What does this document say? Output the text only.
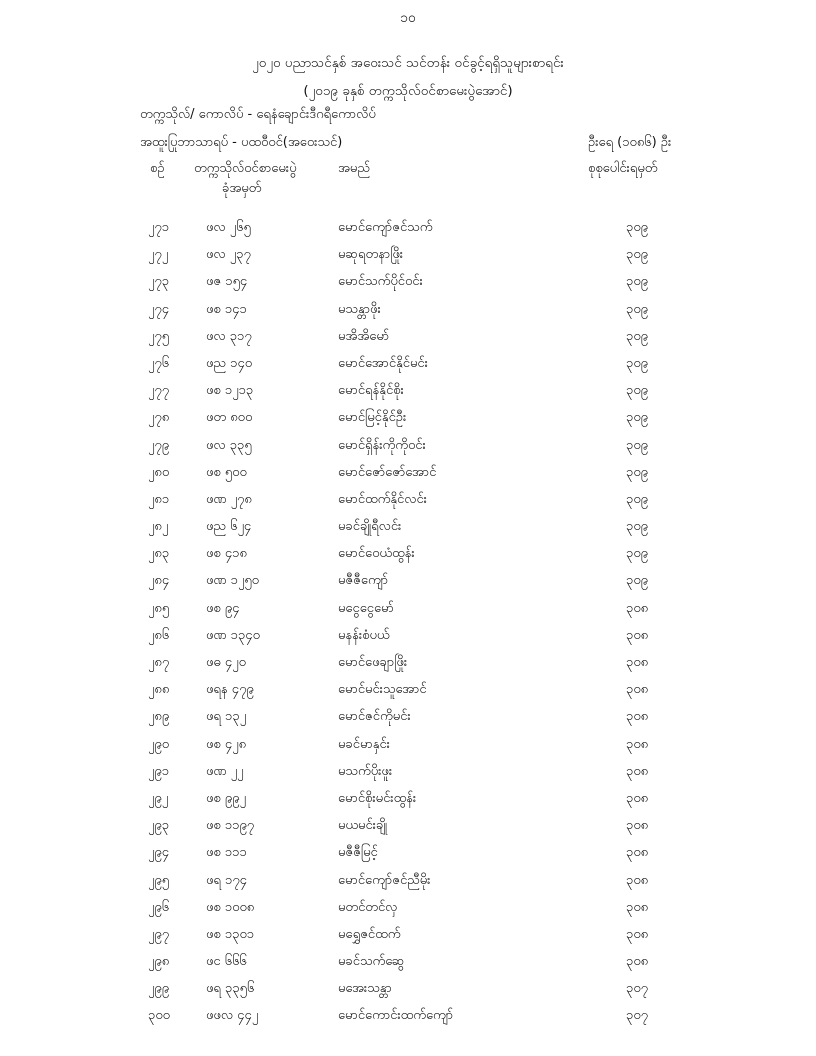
၁၀
၂၀၂၀ ပညာသင်နှစ် အဝေးသင် သင်တန်း ဝင်ခွင့်ရရှိသူများစာရင်း
(၂၀၁၉ ခုနှစ် တက္ကသိုလ်ဝင်စာမေးပွဲအောင်)
တက္ကသိုလ်/ ကောလိပ် - ရေနံချောင်းဒီဂရီကောလိပ်
အထူးပြုဘာသာရပ် - ပထဝီဝင်(အဝေးသင်)	ဦးရေ (၁၀၈၆) ဦး
စဉ် တက္ကသိုလ်ဝင်စာမေးပွဲ
ခုံအမှတ်
အမည်	စုစုပေါင်းရမှတ်
၂၇၁	ဖလ ၂၆၅	မောင်ကျော်ဇင်သက်	၃၀၉
၂၇၂	ဖလ ၂၃၇	မဆုရတနာဖြိုး	၃၀၉
၂၇၃	ဖဇ ၁၅၄	မောင်သက်ပိုင်ဝင်း	၃၀၉
၂၇၄	ဖစ ၁၄၁	မသန္တာဖိုး	၃၀၉
၂၇၅	ဖလ ၃၁၇	မအိအိမော်	၃၀၉
၂၇၆	ဖည ၁၄၀	မောင်အောင်နိုင်မင်း	၃၀၉
၂၇၇	ဖစ ၁၂၁၃	မောင်ရန်နိုင်စိုး	၃၀၉
၂၇၈	ဖတ ၈၀၀	မောင်မြင့်နိုင်ဦး	၃၀၉
၂၇၉	ဖလ ၃၃၅	မောင်ရှိန်းကိုကိုဝင်း	၃၀၉
၂၈၀	ဖစ ၅၀၀	မောင်ဇော်ဇော်အောင်	၃၀၉
၂၈၁	ဖဏ ၂၇၈	မောင်ထက်နိုင်လင်း	၃၀၉
၂၈၂	ဖည ၆၂၄	မခင်ချိုရီလင်း	၃၀၉
၂၈၃	ဖစ ၄၁၈	မောင်ဝေယံထွန်း	၃၀၉
၂၈၄	ဖဏ ၁၂၅၀	မဇီဇီကျော်	၃၀၉
၂၈၅	ဖစ ၉၄	မငွေငွေမော်	၃၀၈
၂၈၆	ဖဏ ၁၃၄၀	မနန်းစံပယ်	၃၀၈
၂၈၇	ဖဓ ၄၂၀	မောင်ဖေချာဖြိုး	၃၀၈
၂၈၈	ဖရန ၄၇၉	မောင်မင်းသူအောင်	၃၀၈
၂၈၉	ဖရ ၁၃၂	မောင်ဇင်ကိုမင်း	၃၀၈
၂၉၀	ဖစ ၄၂၈	မခင်မာနှင်း	၃၀၈
၂၉၁	ဖဏ ၂၂	မသက်ပိုးဖူး	၃၀၈
၂၉၂	ဖစ ၉၉၂	မောင်စိုးမင်းထွန်း	၃၀၈
၂၉၃	ဖစ ၁၁၉၇	မယမင်းချို	၃၀၈
၂၉၄	ဖစ ၁၁၁	မဇီဇီမြင့်	၃၀၈
၂၉၅	ဖရ ၁၇၄	မောင်ကျော်ဇင်ညီမိုး	၃၀၈
၂၉၆	ဖစ ၁၀၀၈	မတင်တင်လှ	၃၀၈
၂၉၇	ဖစ ၁၃၀၁	မရွှေဇင်ထက်	၃၀၈
၂၉၈	ဖင ၆၆၆	မခင်သက်ဆွေ	၃၀၈
၂၉၉	ဖရ ၃၃၅၆	မအေးသန္တာ	၃၀၇
၃၀၀	ဖဖလ ၄၄၂	မောင်ကောင်းထက်ကျော်	၃၀၇
